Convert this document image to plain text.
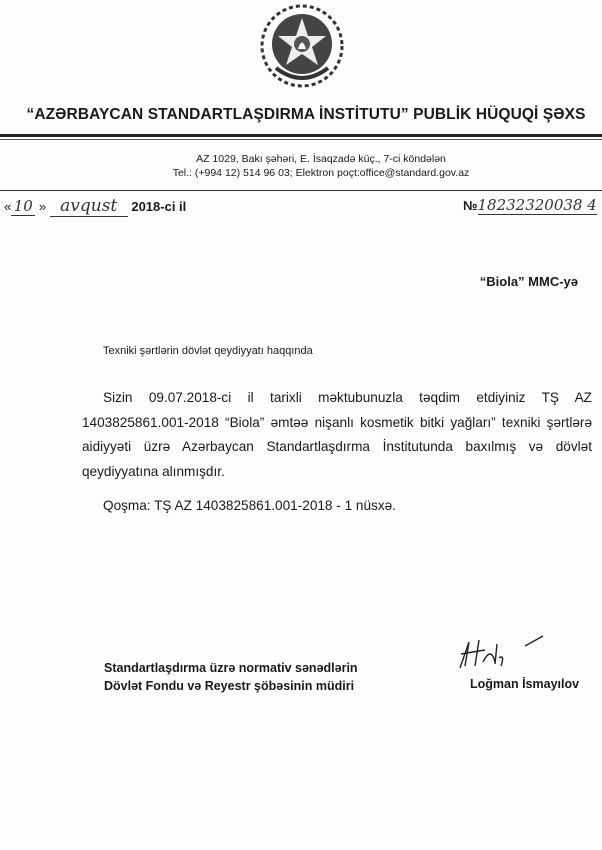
“AZƏRBAYCAN STANDARTLAŞDIRMA İNSTİTUTU” PUBLİK HÜQUQİ ŞƏXS
AZ 1029, Bakı şəhəri, E. İsaqzadə küç., 7-ci köndələn
Tel.: (+994 12) 514 96 03; Elektron poçt:office@standard.gov.az
« 10 » avqust 2018-ci il	№18232320038 4
“Biola” MMC-yə
Texniki şərtlərin dövlət qeydiyyatı haqqında

Sizin 09.07.2018-ci il tarixli məktubunuzla təqdim etdiyiniz TŞ AZ 1403825861.001-2018 “Biola” əmtəə nişanlı kosmetik bitki yağları” texniki şərtlərə aidiyyəti üzrə Azərbaycan Standartlaşdırma İnstitutunda baxılmış və dövlət qeydiyyatına alınmışdır.

Qoşma: TŞ AZ 1403825861.001-2018 - 1 nüsxə.

Standartlaşdırma üzrə normativ sənədlərin
Dövlət Fondu və Reyestr şöbəsinin müdiri	Loğman İsmayılov
